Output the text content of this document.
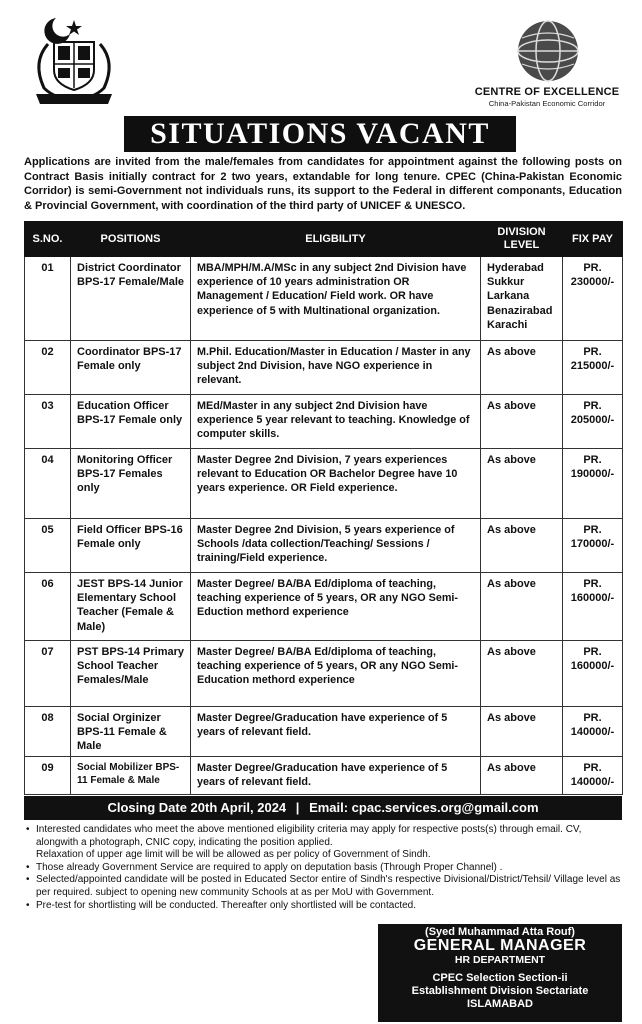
CENTRE OF EXCELLENCE
China-Pakistan Economic Corridor
SITUATIONS VACANT

Applications are invited from the male/females from candidates for appointment against the following posts on Contract Basis initially contract for 2 two years, extandable for long tenure. CPEC (China-Pakistan Economic Corridor) is semi-Government not individuals runs, its support to the Federal in different componants, Education & Provincial Government, with coordination of the third party of UNICEF & UNESCO.

S.NO.	POSITIONS	ELIGBILITY	DIVISION LEVEL	FIX PAY
01	District Coordinator BPS-17 Female/Male	MBA/MPH/M.A/MSc in any subject 2nd Division have experience of 10 years administration OR Management / Education/ Field work. OR have experience of 5 with Multinational organization.	Hyderabad Sukkur Larkana Benazirabad Karachi	PR. 230000/-
02	Coordinator BPS-17 Female only	M.Phil. Education/Master in Education / Master in any subject 2nd Division, have NGO experience in relevant.	As above	PR. 215000/-
03	Education Officer BPS-17 Female only	MEd/Master in any subject 2nd Division have experience 5 year relevant to teaching. Knowledge of computer skills.	As above	PR. 205000/-
04	Monitoring Officer BPS-17 Females only	Master Degree 2nd Division, 7 years experiences relevant to Education OR Bachelor Degree have 10 years experience. OR Field experience.	As above	PR. 190000/-
05	Field Officer BPS-16 Female only	Master Degree 2nd Division, 5 years experience of Schools /data collection/Teaching/ Sessions / training/Field experience.	As above	PR. 170000/-
06	JEST BPS-14 Junior Elementary School Teacher (Female & Male)	Master Degree/ BA/BA Ed/diploma of teaching, teaching experience of 5 years, OR any NGO Semi-Eduction methord experience	As above	PR. 160000/-
07	PST BPS-14 Primary School Teacher Females/Male	Master Degree/ BA/BA Ed/diploma of teaching, teaching experience of 5 years, OR any NGO Semi- Education methord experience	As above	PR. 160000/-
08	Social Orginizer BPS-11 Female & Male	Master Degree/Graducation have experience of 5 years of relevant field.	As above	PR. 140000/-
09	Social Mobilizer BPS-11 Female & Male	Master Degree/Graducation have experience of 5 years of relevant field.	As above	PR. 140000/-
Closing Date 20th April, 2024 | Email: cpac.services.org@gmail.com
• Interested candidates who meet the above mentioned eligibility criteria may apply for respective posts(s) through email. CV, alongwith a photograph, CNIC copy, indicating the position applied.
Relaxation of upper age limit will be will be allowed as per policy of Government of Sindh.
• Those already Government Service are required to apply on deputation basis (Through Proper Channel) .
• Selected/appointed candidate will be posted in Educated Sector entire of Sindh's respective Divisional/District/Tehsil/ Village level as per required. subject to opening new community Schools at as per MoU with Government.
• Pre-test for shortlisting will be conducted. Thereafter only shortlisted will be contacted.
(Syed Muhammad Atta Rouf)
GENERAL MANAGER
HR DEPARTMENT
CPEC Selection Section-ii
Establishment Division Sectariate
ISLAMABAD
